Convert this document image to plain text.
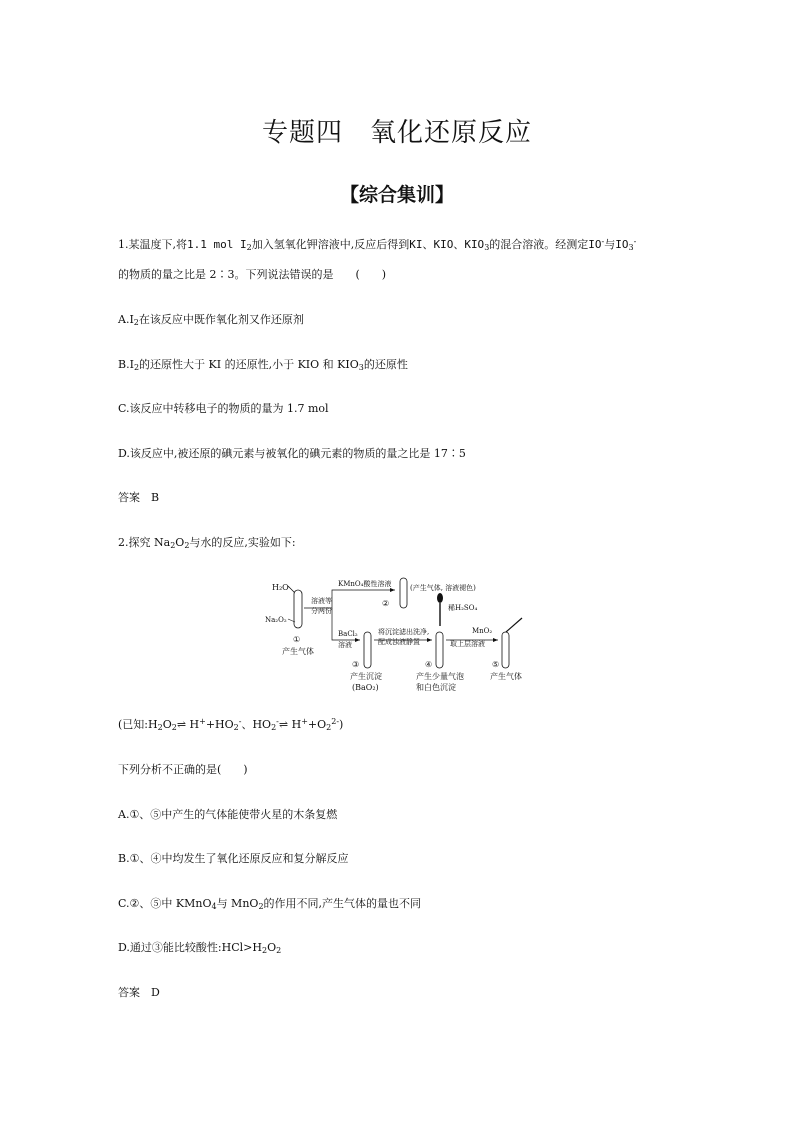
专题四　氧化还原反应
【综合集训】
1.某温度下,将1.1 mol $I_2$加入氢氧化钾溶液中,反应后得到KI、KIO、$KIO_3$的混合溶液。经测定IO-与$IO_3^-$
的物质的量之比是 2∶3。下列说法错误的是　　(　　)
$A.I_2$在该反应中既作氧化剂又作还原剂
$B.I_2$的还原性大于 KI 的还原性,小于 KIO 和 $KIO_3$的还原性
C.该反应中转移电子的物质的量为 1.7 mol
D.该反应中,被还原的碘元素与被氧化的碘元素的物质的量之比是 17∶5
答案　B
2.探究 $Na_2O_2$与水的反应,实验如下:
H₂O
Na₂O₂
①
产生气体
溶液等
分两份
KMnO₄酸性溶液	(产生气体, 溶液褪色)
②
BaCl₂
溶液
③
产生沉淀
(BaO₂)
将沉淀滤出洗净,
配成浊液静置
稀H₂SO₄
④
产生少量气泡
和白色沉淀
取上层溶液
MnO₂
⑤
产生气体
(已知$:H_2O_2\rightleftharpoons$ $H^++HO_2^-$、$HO_2^-\rightleftharpoons$ $H^++O_2^{2-}$)
下列分析不正确的是(　　)
A.①、⑤中产生的气体能使带火星的木条复燃
B.①、④中均发生了氧化还原反应和复分解反应
C.②、⑤中 KMnO$_4$与 MnO$_2$的作用不同,产生气体的量也不同
D.通过③能比较酸性$:HCl>H_2O_2$
答案　D
